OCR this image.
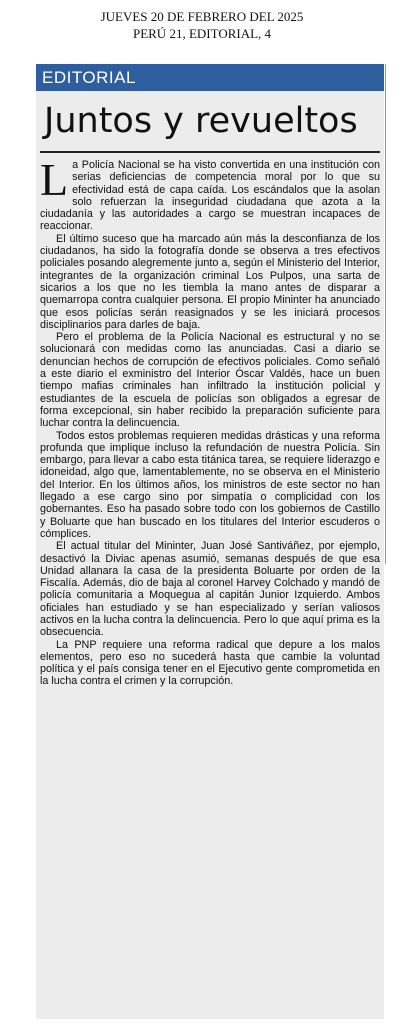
JUEVES 20 DE FEBRERO DEL 2025
PERÚ 21, EDITORIAL, 4
EDITORIAL
Juntos y revueltos

La Policía Nacional se ha visto convertida en una institución con serias deficiencias de competencia moral por lo que su efectividad está de capa caída. Los escándalos que la asolan solo refuerzan la inseguridad ciudadana que azota a la ciudadanía y las autoridades a cargo se muestran incapaces de reaccionar.

El último suceso que ha marcado aún más la desconfianza de los ciudadanos, ha sido la fotografía donde se observa a tres efectivos policiales posando alegremente junto a, según el Ministerio del Interior, integrantes de la organización criminal Los Pulpos, una sarta de sicarios a los que no les tiembla la mano antes de disparar a quemarropa contra cualquier persona. El propio Mininter ha anunciado que esos policías serán reasignados y se les iniciará procesos disciplinarios para darles de baja.

Pero el problema de la Policía Nacional es estructural y no se solucionará con medidas como las anunciadas. Casi a diario se denuncian hechos de corrupción de efectivos policiales. Como señaló a este diario el exministro del Interior Óscar Valdés, hace un buen tiempo mafias criminales han infiltrado la institución policial y estudiantes de la escuela de policías son obligados a egresar de forma excepcional, sin haber recibido la preparación suficiente para luchar contra la delincuencia.

Todos estos problemas requieren medidas drásticas y una reforma profunda que implique incluso la refundación de nuestra Policía. Sin embargo, para llevar a cabo esta titánica tarea, se requiere liderazgo e idoneidad, algo que, lamentablemente, no se observa en el Ministerio del Interior. En los últimos años, los ministros de este sector no han llegado a ese cargo sino por simpatía o complicidad con los gobernantes. Eso ha pasado sobre todo con los gobiernos de Castillo y Boluarte que han buscado en los titulares del Interior escuderos o cómplices.

El actual titular del Mininter, Juan José Santiváñez, por ejemplo, desactivó la Diviac apenas asumió, semanas después de que esa Unidad allanara la casa de la presidenta Boluarte por orden de la Fiscalía. Además, dio de baja al coronel Harvey Colchado y mandó de policía comunitaria a Moquegua al capitán Junior Izquierdo. Ambos oficiales han estudiado y se han especializado y serían valiosos activos en la lucha contra la delincuencia. Pero lo que aquí prima es la obsecuencia.

La PNP requiere una reforma radical que depure a los malos elementos, pero eso no sucederá hasta que cambie la voluntad política y el país consiga tener en el Ejecutivo gente comprometida en la lucha contra el crimen y la corrupción.
